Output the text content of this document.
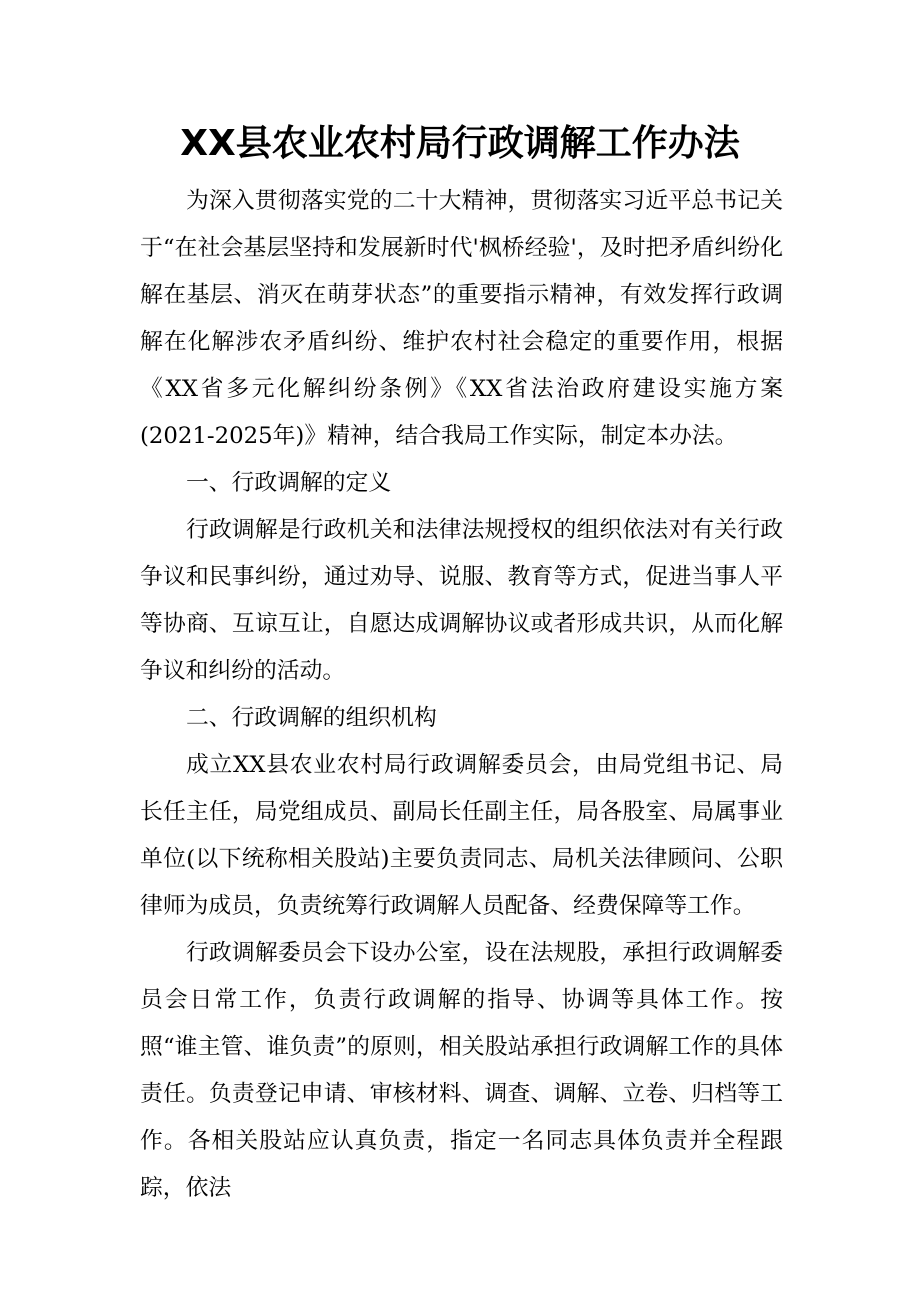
XX县农业农村局行政调解工作办法

为深入贯彻落实党的二十大精神，贯彻落实习近平总书记关于“在社会基层坚持和发展新时代'枫桥经验'，及时把矛盾纠纷化解在基层、消灭在萌芽状态”的重要指示精神，有效发挥行政调解在化解涉农矛盾纠纷、维护农村社会稳定的重要作用，根据《XX省多元化解纠纷条例》《XX省法治政府建设实施方案(2021-2025年)》精神，结合我局工作实际，制定本办法。

一、行政调解的定义

行政调解是行政机关和法律法规授权的组织依法对有关行政争议和民事纠纷，通过劝导、说服、教育等方式，促进当事人平等协商、互谅互让，自愿达成调解协议或者形成共识，从而化解争议和纠纷的活动。

二、行政调解的组织机构

成立XX县农业农村局行政调解委员会，由局党组书记、局长任主任，局党组成员、副局长任副主任，局各股室、局属事业单位(以下统称相关股站)主要负责同志、局机关法律顾问、公职律师为成员，负责统筹行政调解人员配备、经费保障等工作。

行政调解委员会下设办公室，设在法规股，承担行政调解委员会日常工作，负责行政调解的指导、协调等具体工作。按照“谁主管、谁负责”的原则，相关股站承担行政调解工作的具体责任。负责登记申请、审核材料、调查、调解、立卷、归档等工作。各相关股站应认真负责，指定一名同志具体负责并全程跟踪，依法
